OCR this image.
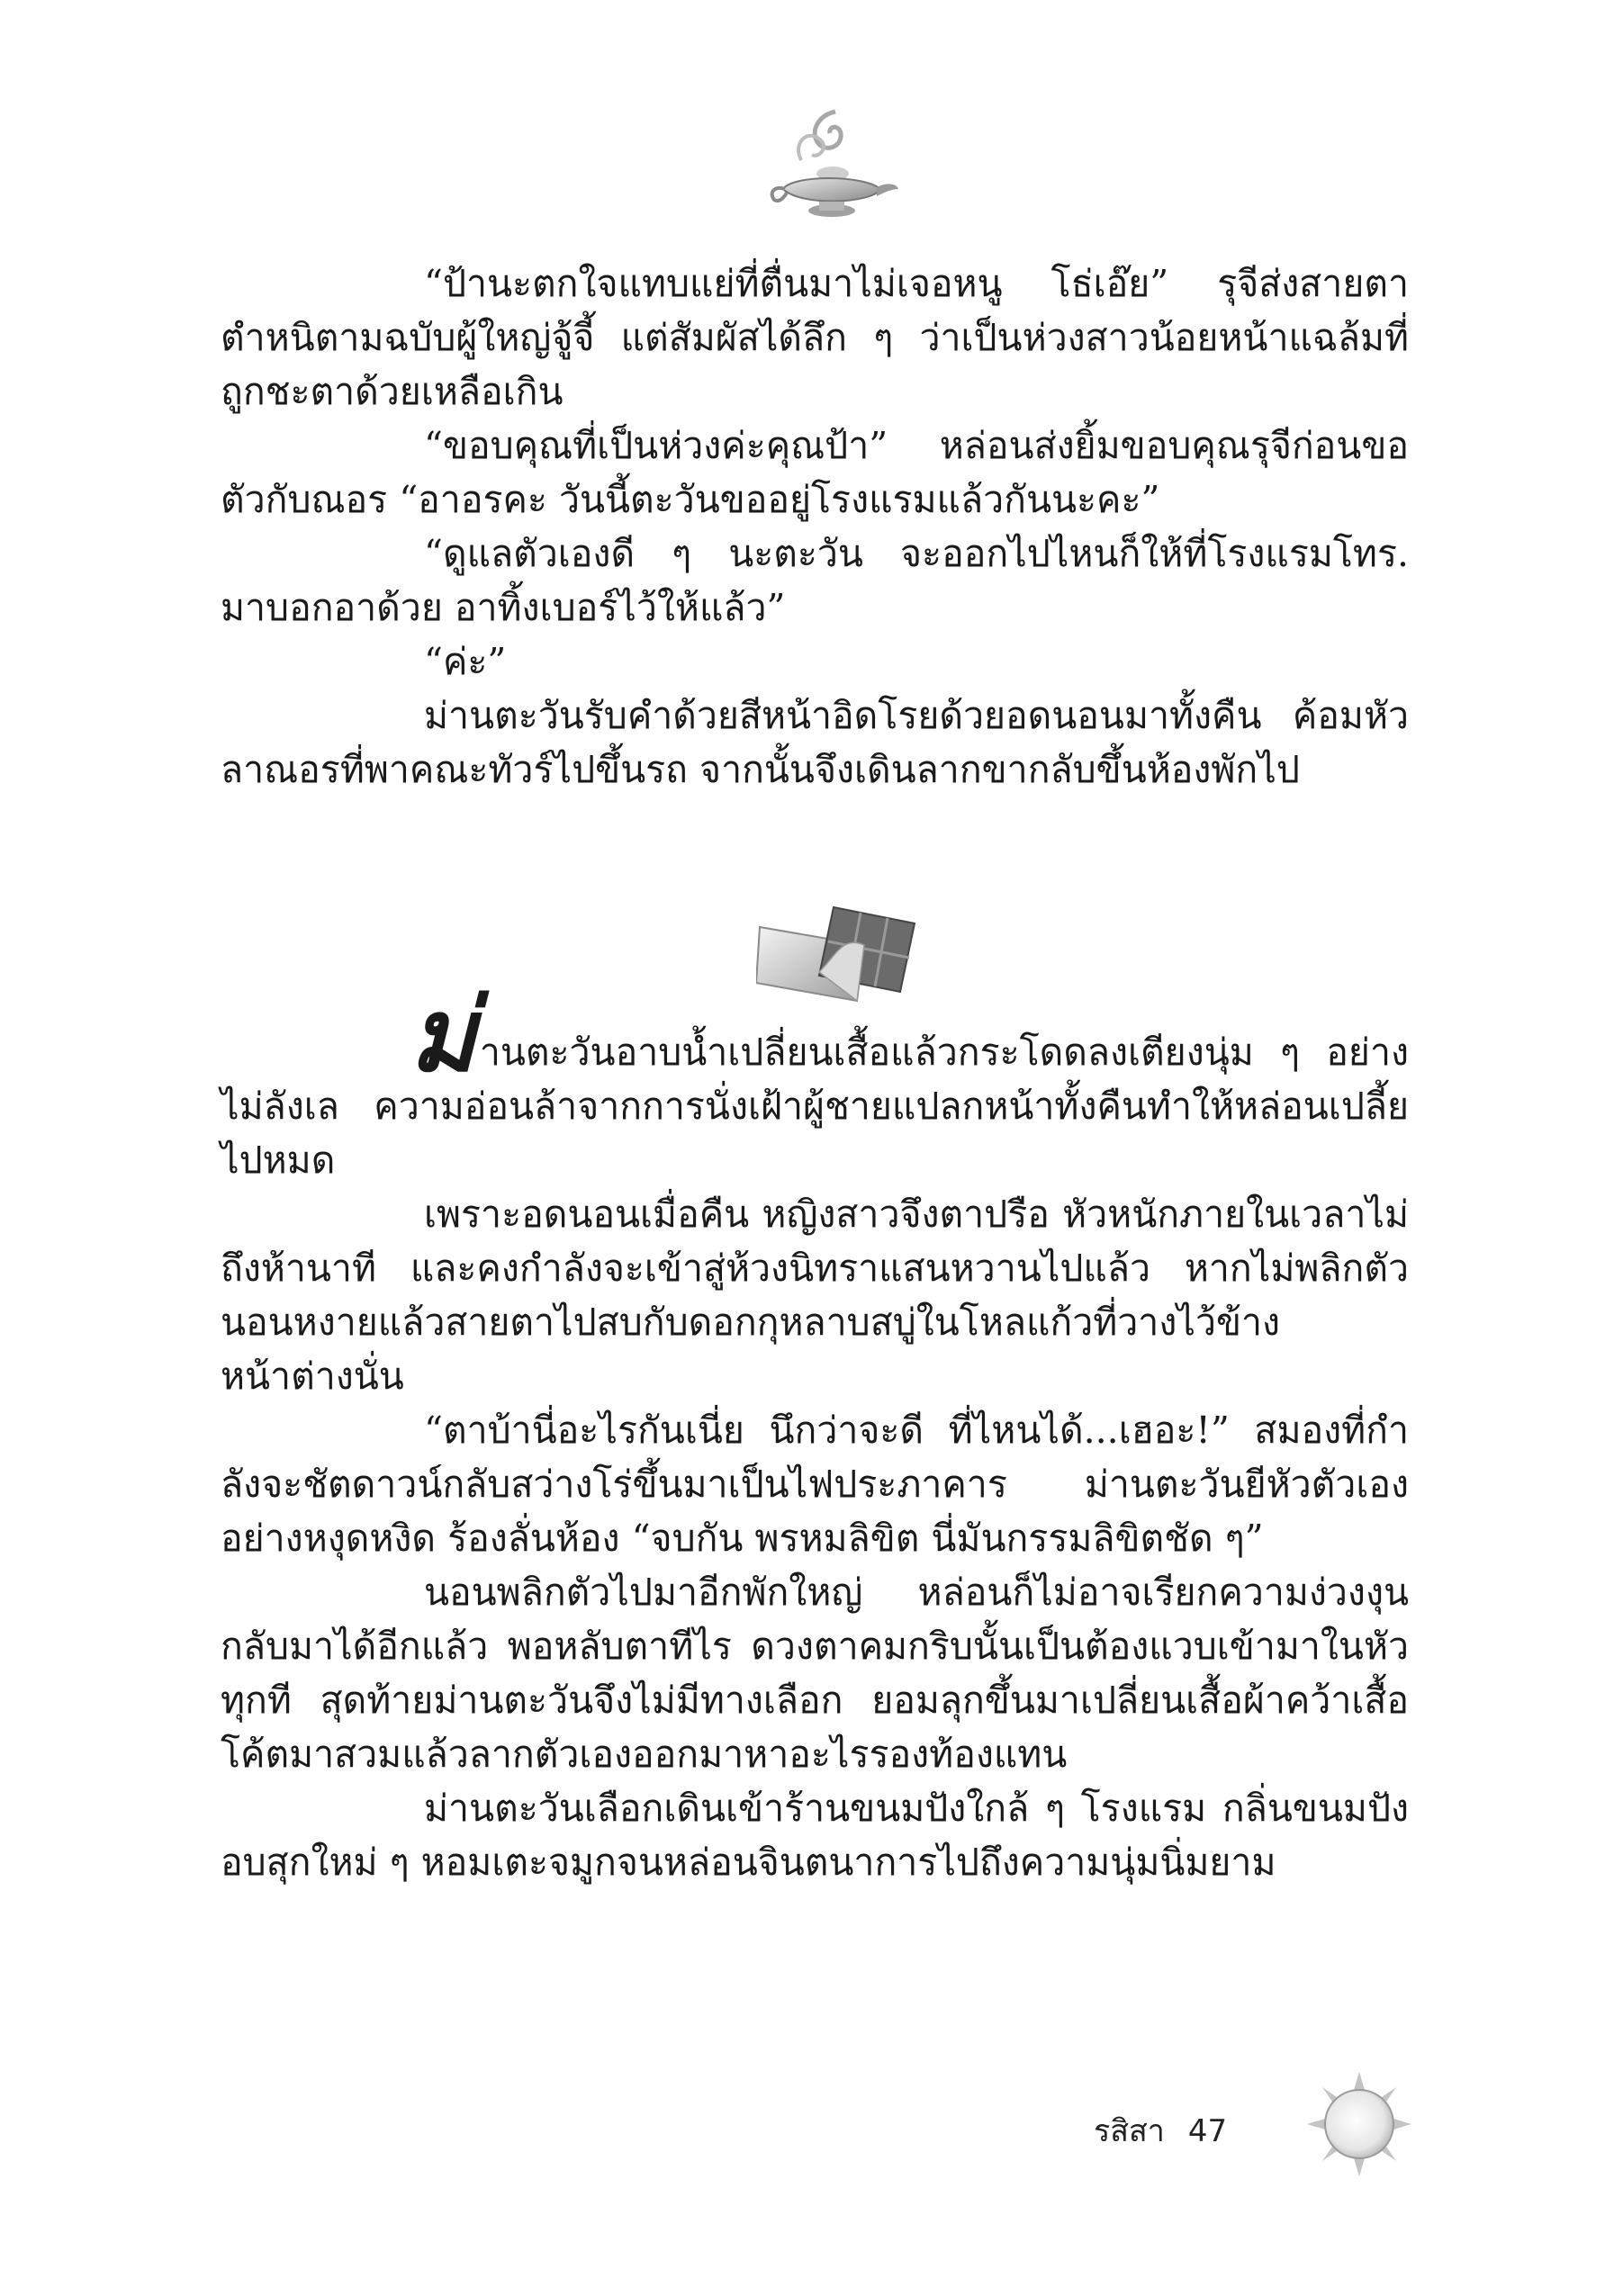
“ป้านะตกใจแทบแย่ที่ตื่นมาไม่เจอหนู โธ่เอ๊ย” รุจีส่งสายตาตำหนิตามฉบับผู้ใหญ่จู้จี้ แต่สัมผัสได้ลึก ๆ ว่าเป็นห่วงสาวน้อยหน้าแฉล้มที่ถูกชะตาด้วยเหลือเกิน

“ขอบคุณที่เป็นห่วงค่ะคุณป้า” หล่อนส่งยิ้มขอบคุณรุจีก่อนขอตัวกับณอร “อาอรคะ วันนี้ตะวันขออยู่โรงแรมแล้วกันนะคะ”

“ดูแลตัวเองดี ๆ นะตะวัน จะออกไปไหนก็ให้ที่โรงแรมโทร. มาบอกอาด้วย อาทิ้งเบอร์ไว้ให้แล้ว”

“ค่ะ”

ม่านตะวันรับคำด้วยสีหน้าอิดโรยด้วยอดนอนมาทั้งคืน ค้อมหัวลาณอรที่พาคณะทัวร์ไปขึ้นรถ จากนั้นจึงเดินลากขากลับขึ้นห้องพักไป

ม่านตะวันอาบน้ำเปลี่ยนเสื้อแล้วกระโดดลงเตียงนุ่ม ๆ อย่างไม่ลังเล ความอ่อนล้าจากการนั่งเฝ้าผู้ชายแปลกหน้าทั้งคืนทำให้หล่อนเปลี้ยไปหมด

เพราะอดนอนเมื่อคืน หญิงสาวจึงตาปรือ หัวหนักภายในเวลาไม่ถึงห้านาที และคงกำลังจะเข้าสู่ห้วงนิทราแสนหวานไปแล้ว หากไม่พลิกตัวนอนหงายแล้วสายตาไปสบกับดอกกุหลาบสบู่ในโหลแก้วที่วางไว้ข้างหน้าต่างนั่น

“ตาบ้านี่อะไรกันเนี่ย นึกว่าจะดี ที่ไหนได้...เฮอะ!” สมองที่กำลังจะชัตดาวน์กลับสว่างโร่ขึ้นมาเป็นไฟประภาคาร ม่านตะวันยีหัวตัวเองอย่างหงุดหงิด ร้องลั่นห้อง “จบกัน พรหมลิขิต นี่มันกรรมลิขิตชัด ๆ”

นอนพลิกตัวไปมาอีกพักใหญ่ หล่อนก็ไม่อาจเรียกความง่วงงุนกลับมาได้อีกแล้ว พอหลับตาทีไร ดวงตาคมกริบนั้นเป็นต้องแวบเข้ามาในหัวทุกที สุดท้ายม่านตะวันจึงไม่มีทางเลือก ยอมลุกขึ้นมาเปลี่ยนเสื้อผ้าคว้าเสื้อโค้ตมาสวมแล้วลากตัวเองออกมาหาอะไรรองท้องแทน

ม่านตะวันเลือกเดินเข้าร้านขนมปังใกล้ ๆ โรงแรม กลิ่นขนมปังอบสุกใหม่ ๆ หอมเตะจมูกจนหล่อนจินตนาการไปถึงความนุ่มนิ่มยาม

รสิสา 47
